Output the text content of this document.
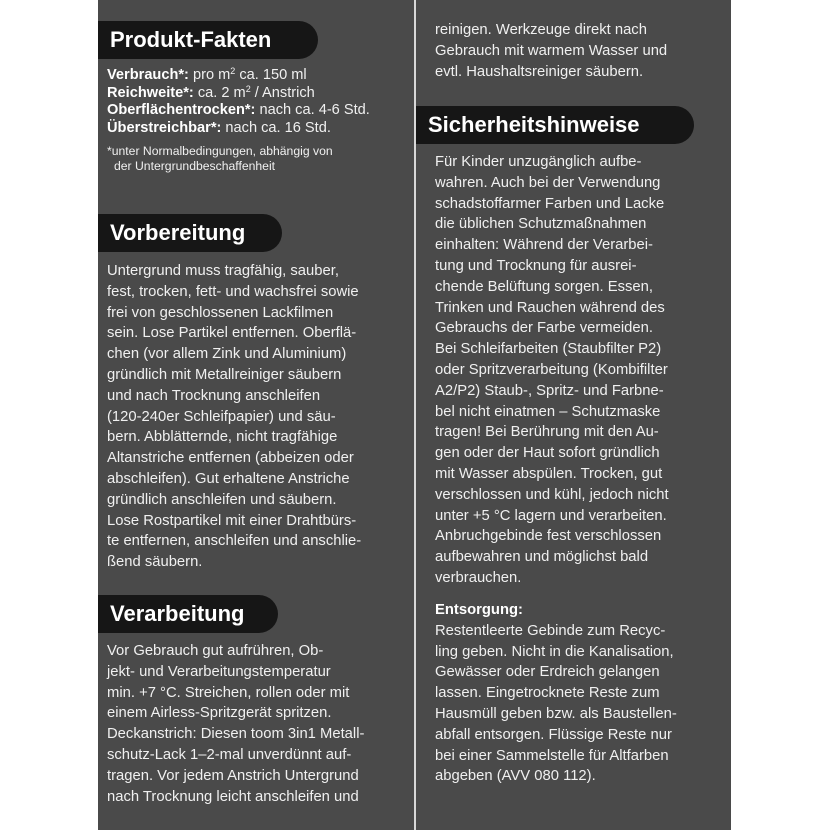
Produkt-Fakten
Verbrauch*: pro $m^2$ ca. 150 ml
Reichweite*: ca. 2 $m^2$ / Anstrich
Oberflächentrocken*: nach ca. 4-6 Std.
Überstreichbar*: nach ca. 16 Std.
*unter Normalbedingungen, abhängig von
der Untergrundbeschaffenheit
Vorbereitung
Untergrund muss tragfähig, sauber,
fest, trocken, fett- und wachsfrei sowie
frei von geschlossenen Lackfilmen
sein. Lose Partikel entfernen. Oberflä-
chen (vor allem Zink und Aluminium)
gründlich mit Metallreiniger säubern
und nach Trocknung anschleifen
(120-240er Schleifpapier) und säu-
bern. Abblätternde, nicht tragfähige
Altanstriche entfernen (abbeizen oder
abschleifen). Gut erhaltene Anstriche
gründlich anschleifen und säubern.
Lose Rostpartikel mit einer Drahtbürs-
te entfernen, anschleifen und anschlie-
ßend säubern.
Verarbeitung
Vor Gebrauch gut aufrühren, Ob-
jekt- und Verarbeitungstemperatur
min. +7 °C. Streichen, rollen oder mit
einem Airless-Spritzgerät spritzen.
Deckanstrich: Diesen toom 3in1 Metall-
schutz-Lack 1–2-mal unverdünnt auf-
tragen. Vor jedem Anstrich Untergrund
nach Trocknung leicht anschleifen und
reinigen. Werkzeuge direkt nach
Gebrauch mit warmem Wasser und
evtl. Haushaltsreiniger säubern.
Sicherheitshinweise
Für Kinder unzugänglich aufbe-
wahren. Auch bei der Verwendung
schadstoffarmer Farben und Lacke
die üblichen Schutzmaßnahmen
einhalten: Während der Verarbei-
tung und Trocknung für ausrei-
chende Belüftung sorgen. Essen,
Trinken und Rauchen während des
Gebrauchs der Farbe vermeiden.
Bei Schleifarbeiten (Staubfilter P2)
oder Spritzverarbeitung (Kombifilter
A2/P2) Staub-, Spritz- und Farbne-
bel nicht einatmen – Schutzmaske
tragen! Bei Berührung mit den Au-
gen oder der Haut sofort gründlich
mit Wasser abspülen. Trocken, gut
verschlossen und kühl, jedoch nicht
unter +5 °C lagern und verarbeiten.
Anbruchgebinde fest verschlossen
aufbewahren und möglichst bald
verbrauchen.
Entsorgung:
Restentleerte Gebinde zum Recyc-
ling geben. Nicht in die Kanalisation,
Gewässer oder Erdreich gelangen
lassen. Eingetrocknete Reste zum
Hausmüll geben bzw. als Baustellen-
abfall entsorgen. Flüssige Reste nur
bei einer Sammelstelle für Altfarben
abgeben (AVV 080 112).
